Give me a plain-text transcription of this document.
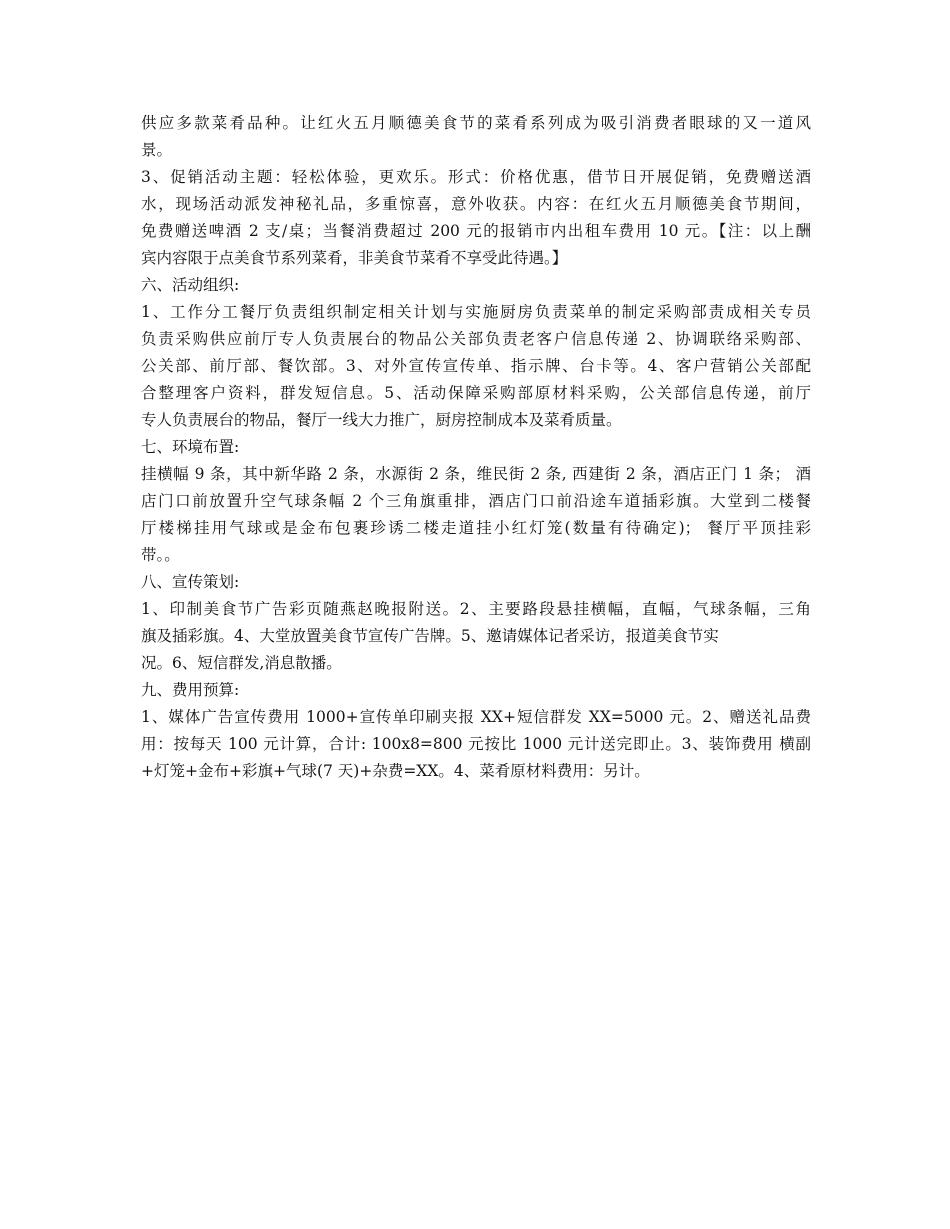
供应多款菜肴品种。让红火五月顺德美食节的菜肴系列成为吸引消费者眼球的又一道风
景。
3、促销活动主题：轻松体验，更欢乐。形式：价格优惠，借节日开展促销，免费赠送酒
水，现场活动派发神秘礼品，多重惊喜，意外收获。内容：在红火五月顺德美食节期间，
免费赠送啤酒 2 支/桌；当餐消费超过 200 元的报销市内出租车费用 10 元。【注：以上酬
宾内容限于点美食节系列菜肴，非美食节菜肴不享受此待遇。】
六、活动组织:
1、工作分工餐厅负责组织制定相关计划与实施厨房负责菜单的制定采购部责成相关专员
负责采购供应前厅专人负责展台的物品公关部负责老客户信息传递 2、协调联络采购部、
公关部、前厅部、餐饮部。3、对外宣传宣传单、指示牌、台卡等。4、客户营销公关部配
合整理客户资料，群发短信息。5、活动保障采购部原材料采购，公关部信息传递，前厅
专人负责展台的物品，餐厅一线大力推广，厨房控制成本及菜肴质量。
七、环境布置:
挂横幅 9 条，其中新华路 2 条，水源街 2 条，维民街 2 条, 西建街 2 条，酒店正门 1 条； 酒
店门口前放置升空气球条幅 2 个三角旗重排，酒店门口前沿途车道插彩旗。大堂到二楼餐
厅楼梯挂用气球或是金布包裹珍诱二楼走道挂小红灯笼(数量有待确定)； 餐厅平顶挂彩
带。。
八、宣传策划:
1、印制美食节广告彩页随燕赵晚报附送。2、主要路段悬挂横幅，直幅，气球条幅，三角
旗及插彩旗。4、大堂放置美食节宣传广告牌。5、邀请媒体记者采访，报道美食节实
况。6、短信群发,消息散播。
九、费用预算:
1、媒体广告宣传费用 1000+宣传单印刷夹报 XX+短信群发 XX=5000 元。2、赠送礼品费
用：按每天 100 元计算，合计: 100x8=800 元按比 1000 元计送完即止。3、装饰费用 横副
+灯笼+金布+彩旗+气球(7 天)+杂费=XX。4、菜肴原材料费用：另计。
